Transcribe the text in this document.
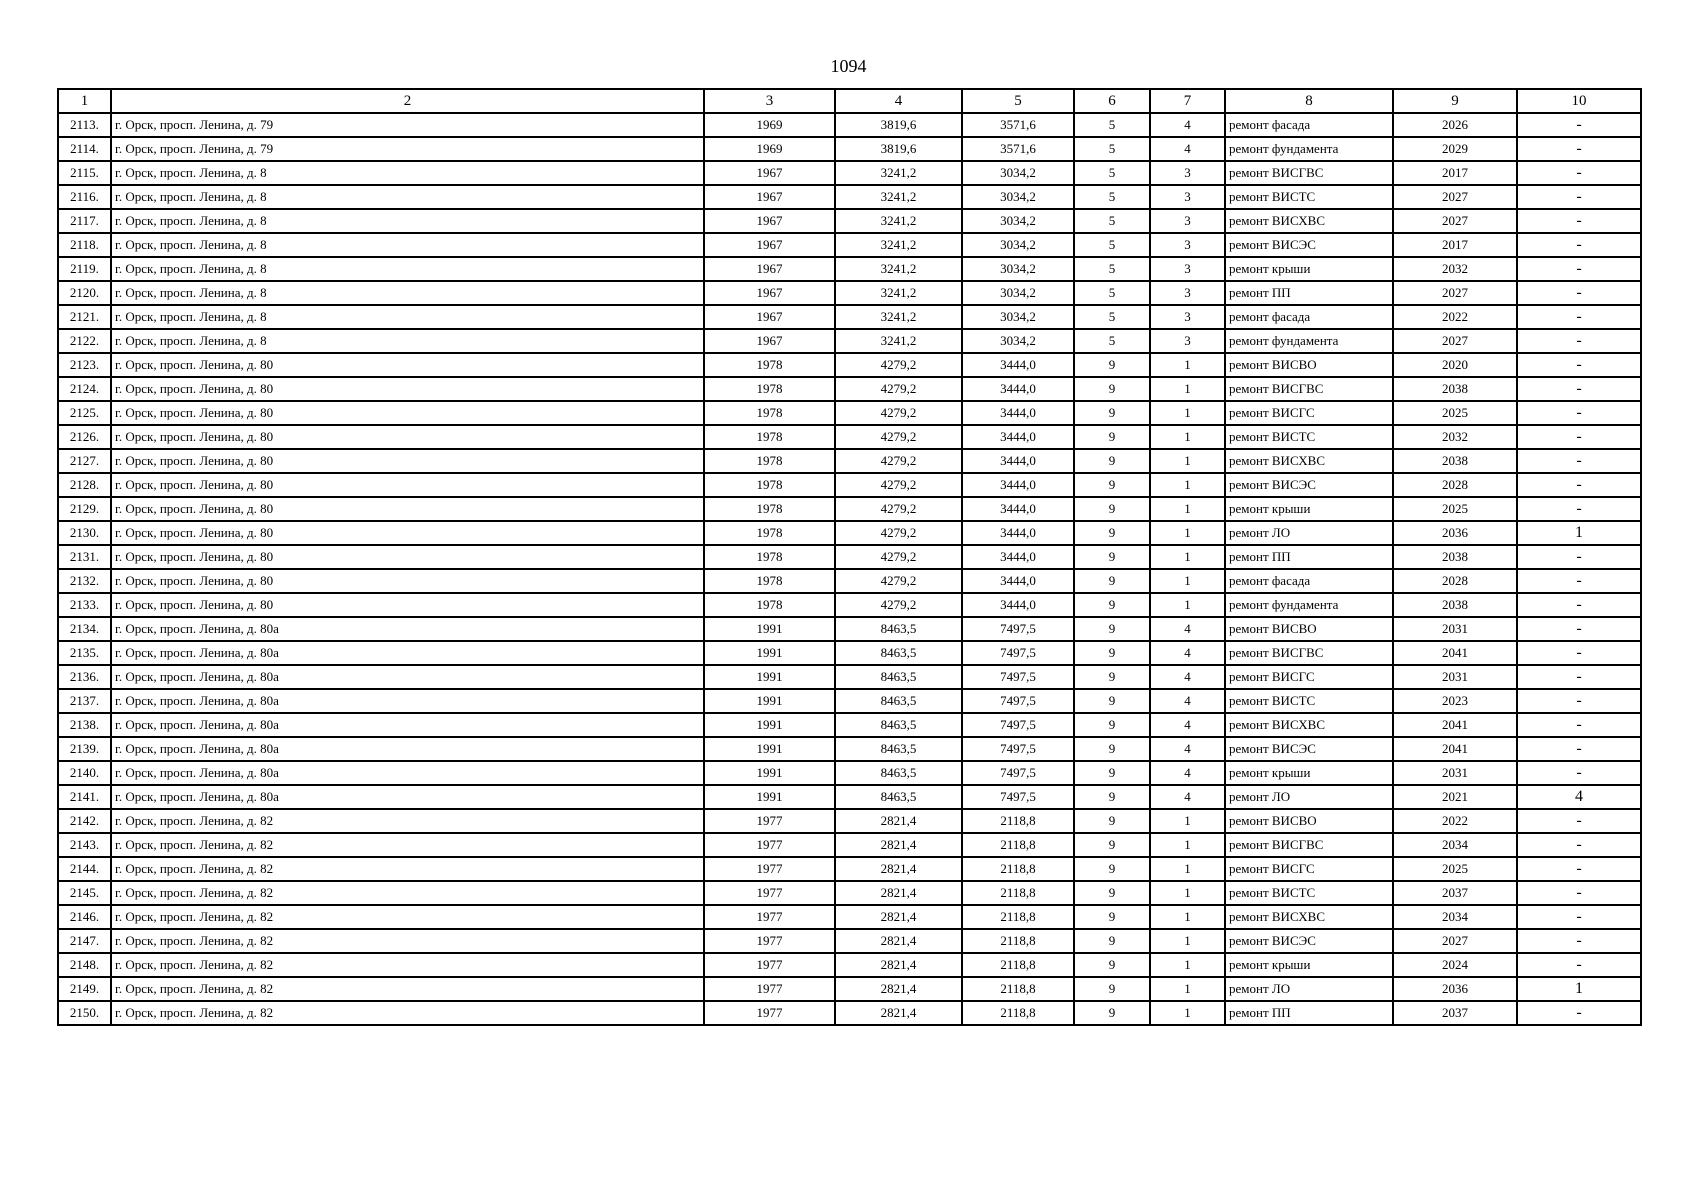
1094
1	2	3	4	5	6	7	8	9	10
2113.	г. Орск, просп. Ленина, д. 79	1969	3819,6	3571,6	5	4	ремонт фасада	2026	-
2114.	г. Орск, просп. Ленина, д. 79	1969	3819,6	3571,6	5	4	ремонт фундамента	2029	-
2115.	г. Орск, просп. Ленина, д. 8	1967	3241,2	3034,2	5	3	ремонт ВИСГВС	2017	-
2116.	г. Орск, просп. Ленина, д. 8	1967	3241,2	3034,2	5	3	ремонт ВИСТС	2027	-
2117.	г. Орск, просп. Ленина, д. 8	1967	3241,2	3034,2	5	3	ремонт ВИСХВС	2027	-
2118.	г. Орск, просп. Ленина, д. 8	1967	3241,2	3034,2	5	3	ремонт ВИСЭС	2017	-
2119.	г. Орск, просп. Ленина, д. 8	1967	3241,2	3034,2	5	3	ремонт крыши	2032	-
2120.	г. Орск, просп. Ленина, д. 8	1967	3241,2	3034,2	5	3	ремонт ПП	2027	-
2121.	г. Орск, просп. Ленина, д. 8	1967	3241,2	3034,2	5	3	ремонт фасада	2022	-
2122.	г. Орск, просп. Ленина, д. 8	1967	3241,2	3034,2	5	3	ремонт фундамента	2027	-
2123.	г. Орск, просп. Ленина, д. 80	1978	4279,2	3444,0	9	1	ремонт ВИСВО	2020	-
2124.	г. Орск, просп. Ленина, д. 80	1978	4279,2	3444,0	9	1	ремонт ВИСГВС	2038	-
2125.	г. Орск, просп. Ленина, д. 80	1978	4279,2	3444,0	9	1	ремонт ВИСГС	2025	-
2126.	г. Орск, просп. Ленина, д. 80	1978	4279,2	3444,0	9	1	ремонт ВИСТС	2032	-
2127.	г. Орск, просп. Ленина, д. 80	1978	4279,2	3444,0	9	1	ремонт ВИСХВС	2038	-
2128.	г. Орск, просп. Ленина, д. 80	1978	4279,2	3444,0	9	1	ремонт ВИСЭС	2028	-
2129.	г. Орск, просп. Ленина, д. 80	1978	4279,2	3444,0	9	1	ремонт крыши	2025	-
2130.	г. Орск, просп. Ленина, д. 80	1978	4279,2	3444,0	9	1	ремонт ЛО	2036	1
2131.	г. Орск, просп. Ленина, д. 80	1978	4279,2	3444,0	9	1	ремонт ПП	2038	-
2132.	г. Орск, просп. Ленина, д. 80	1978	4279,2	3444,0	9	1	ремонт фасада	2028	-
2133.	г. Орск, просп. Ленина, д. 80	1978	4279,2	3444,0	9	1	ремонт фундамента	2038	-
2134.	г. Орск, просп. Ленина, д. 80а	1991	8463,5	7497,5	9	4	ремонт ВИСВО	2031	-
2135.	г. Орск, просп. Ленина, д. 80а	1991	8463,5	7497,5	9	4	ремонт ВИСГВС	2041	-
2136.	г. Орск, просп. Ленина, д. 80а	1991	8463,5	7497,5	9	4	ремонт ВИСГС	2031	-
2137.	г. Орск, просп. Ленина, д. 80а	1991	8463,5	7497,5	9	4	ремонт ВИСТС	2023	-
2138.	г. Орск, просп. Ленина, д. 80а	1991	8463,5	7497,5	9	4	ремонт ВИСХВС	2041	-
2139.	г. Орск, просп. Ленина, д. 80а	1991	8463,5	7497,5	9	4	ремонт ВИСЭС	2041	-
2140.	г. Орск, просп. Ленина, д. 80а	1991	8463,5	7497,5	9	4	ремонт крыши	2031	-
2141.	г. Орск, просп. Ленина, д. 80а	1991	8463,5	7497,5	9	4	ремонт ЛО	2021	4
2142.	г. Орск, просп. Ленина, д. 82	1977	2821,4	2118,8	9	1	ремонт ВИСВО	2022	-
2143.	г. Орск, просп. Ленина, д. 82	1977	2821,4	2118,8	9	1	ремонт ВИСГВС	2034	-
2144.	г. Орск, просп. Ленина, д. 82	1977	2821,4	2118,8	9	1	ремонт ВИСГС	2025	-
2145.	г. Орск, просп. Ленина, д. 82	1977	2821,4	2118,8	9	1	ремонт ВИСТС	2037	-
2146.	г. Орск, просп. Ленина, д. 82	1977	2821,4	2118,8	9	1	ремонт ВИСХВС	2034	-
2147.	г. Орск, просп. Ленина, д. 82	1977	2821,4	2118,8	9	1	ремонт ВИСЭС	2027	-
2148.	г. Орск, просп. Ленина, д. 82	1977	2821,4	2118,8	9	1	ремонт крыши	2024	-
2149.	г. Орск, просп. Ленина, д. 82	1977	2821,4	2118,8	9	1	ремонт ЛО	2036	1
2150.	г. Орск, просп. Ленина, д. 82	1977	2821,4	2118,8	9	1	ремонт ПП	2037	-
